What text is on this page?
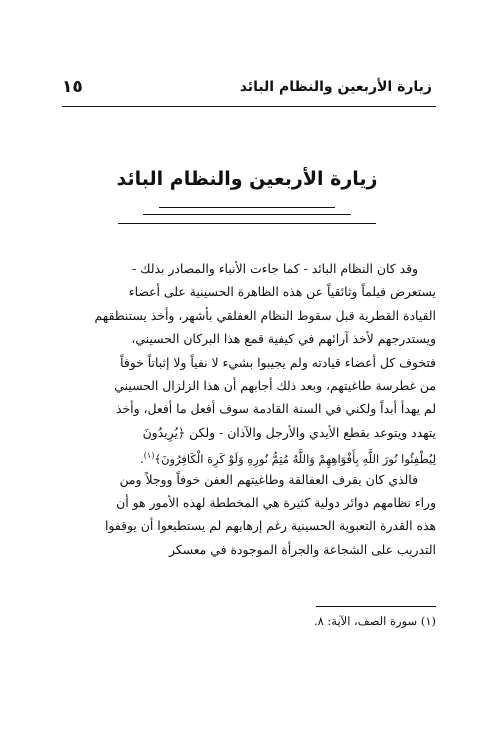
زيارة الأربعين والنظام البائد
١٥
زيارة الأربعين والنظام البائد
وقد كان النظام البائد - كما جاءت الأنباء والمصادر بذلك -
يستعرض فيلماً وثائقياً عن هذه الظاهرة الحسينية على أعضاء
القيادة القطرية قبل سقوط النظام العفلقي بأشهر، وأخذ يستنطقهم
ويستدرجهم لأخذ آرائهم في كيفية قمع هذا البركان الحسيني،
فتخوف كل أعضاء قيادته ولم يجيبوا بشيء لا نفياً ولا إثباتاً خوفاً
من غطرسة طاغيتهم، وبعد ذلك أجابهم أن هذا الزلزال الحسيني
لم يهدأ أبداً ولكني في السنة القادمة سوف أفعل ما أفعل، وأخذ
يتهدد ويتوعد بقطع الأيدي والأرجل والآذان - ولكن ﴿يُرِيدُونَ
لِيُطْفِئُوا نُورَ اللَّهِ بِأَفْوَاهِهِمْ وَاللَّهُ مُتِمُّ نُورِهِ وَلَوْ كَرِهَ الْكَافِرُونَ﴾$^{(١)}$.
فالذي كان يقرف العفالقة وطاغيتهم العفن خوفاً ووجلاً ومن
وراء نظامهم دوائر دولية كثيرة هي المخططة لهذه الأمور هو أن
هذه القدرة التعبوية الحسينية رغم إرهابهم لم يستطيعوا أن يوقفوا
التدريب على الشجاعة والجرأة الموجودة في معسكر
(١) سورة الصف، الآية: ٨.
